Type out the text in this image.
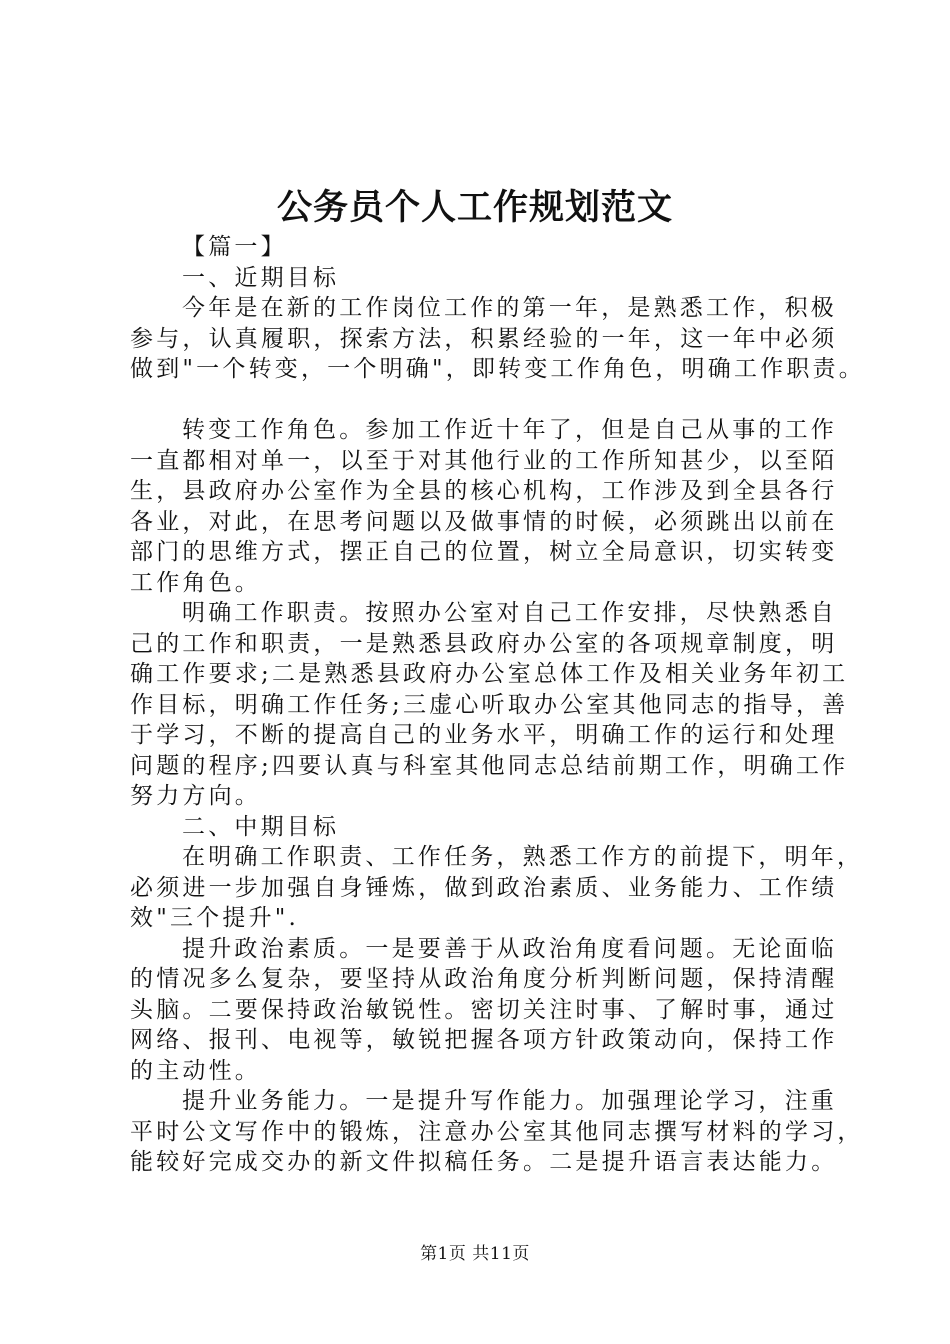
公务员个人工作规划范文
【篇一】
一、近期目标
今年是在新的工作岗位工作的第一年，是熟悉工作，积极
参与，认真履职，探索方法，积累经验的一年，这一年中必须
做到"一个转变，一个明确"，即转变工作角色，明确工作职责。
转变工作角色。参加工作近十年了，但是自己从事的工作
一直都相对单一，以至于对其他行业的工作所知甚少，以至陌
生，县政府办公室作为全县的核心机构，工作涉及到全县各行
各业，对此，在思考问题以及做事情的时候，必须跳出以前在
部门的思维方式，摆正自己的位置，树立全局意识，切实转变
工作角色。
明确工作职责。按照办公室对自己工作安排，尽快熟悉自
己的工作和职责，一是熟悉县政府办公室的各项规章制度，明
确工作要求;二是熟悉县政府办公室总体工作及相关业务年初工
作目标，明确工作任务;三虚心听取办公室其他同志的指导，善
于学习，不断的提高自己的业务水平，明确工作的运行和处理
问题的程序;四要认真与科室其他同志总结前期工作，明确工作
努力方向。
二、中期目标
在明确工作职责、工作任务，熟悉工作方的前提下，明年，
必须进一步加强自身锤炼，做到政治素质、业务能力、工作绩
效"三个提升".
提升政治素质。一是要善于从政治角度看问题。无论面临
的情况多么复杂，要坚持从政治角度分析判断问题，保持清醒
头脑。二要保持政治敏锐性。密切关注时事、了解时事，通过
网络、报刊、电视等，敏锐把握各项方针政策动向，保持工作
的主动性。
提升业务能力。一是提升写作能力。加强理论学习，注重
平时公文写作中的锻炼，注意办公室其他同志撰写材料的学习，
能较好完成交办的新文件拟稿任务。二是提升语言表达能力。
第1页 共11页
